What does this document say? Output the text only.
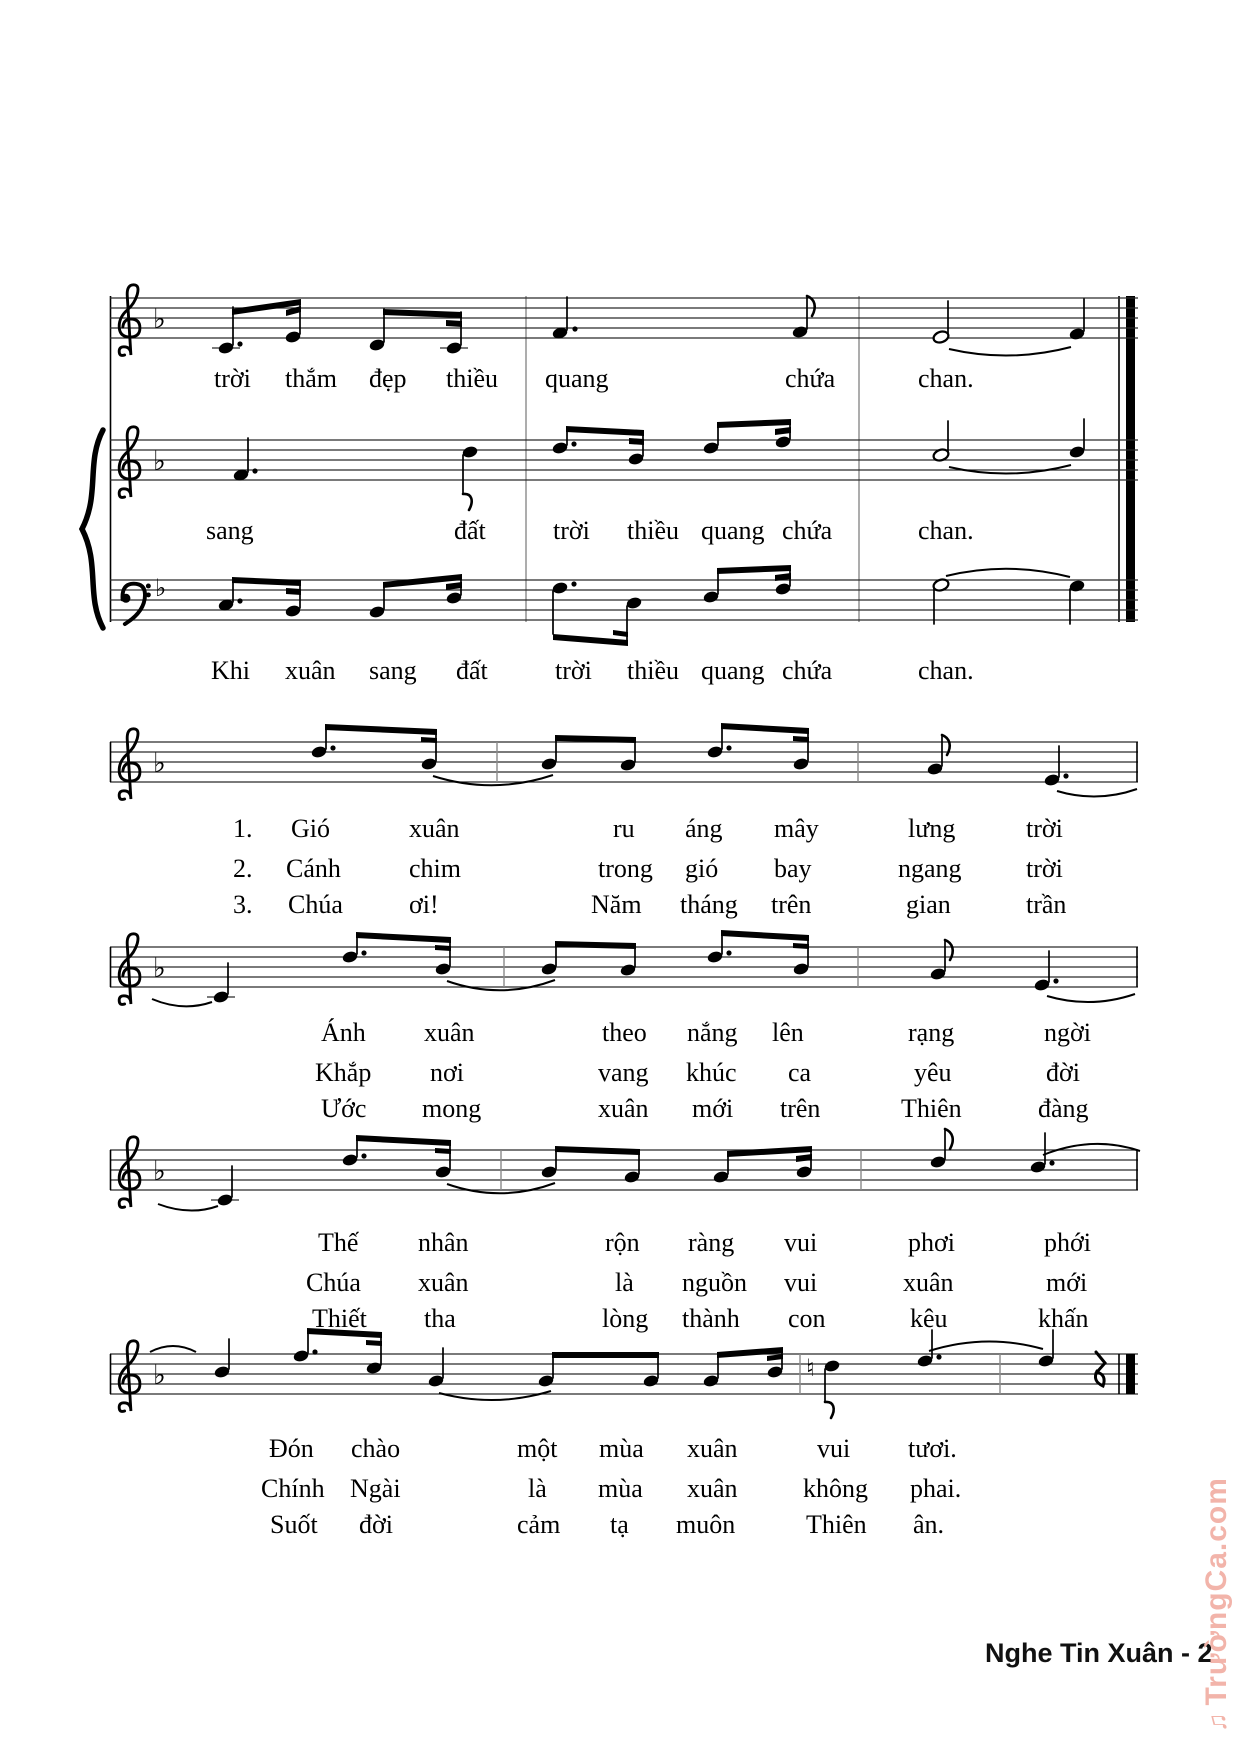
♭
♭
♭
♭
♭
♭
♭	♮
trời thắm đẹp thiều quang	chứa	chan.
sang	đất	trời thiều quang chứa	chan.
Khi xuân sang đất	trời thiều quang chứa	chan.
1. Gió	xuân	ru áng mây	lưng	trời
2. Cánh	chim	trong gió bay	ngang trời
3. Chúa	ơi!	Năm tháng trên	gian	trần
Ánh xuân	theo nắng lên	rạng	ngời
Khắp nơi	vang khúc ca	yêu	đời
Ước mong	xuân mới trên	Thiên	đàng
Thế nhân	rộn ràng vui	phơi	phới
Chúa xuân	là nguồn vui	xuân	mới
Thiết tha	lòng thành con	kêu	khấn
Đón chào	một mùa xuân	vui tươi.
Chính Ngài	là mùa xuân	không phai.
Suốt đời	cảm tạ muôn	Thiên ân.
Nghe Tin Xuân - 2
♫TrườngCa.com
